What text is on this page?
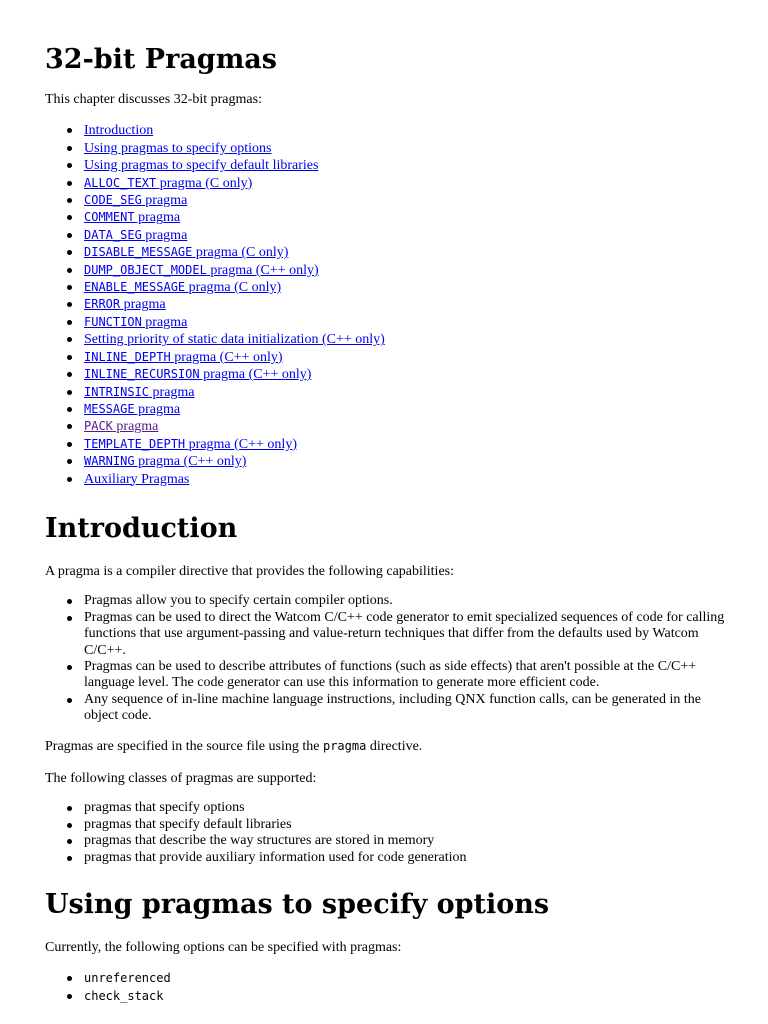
32-bit Pragmas

This chapter discusses 32-bit pragmas:

Introduction
Using pragmas to specify options
Using pragmas to specify default libraries
ALLOC_TEXT pragma (C only)
CODE_SEG pragma
COMMENT pragma
DATA_SEG pragma
DISABLE_MESSAGE pragma (C only)
DUMP_OBJECT_MODEL pragma (C++ only)
ENABLE_MESSAGE pragma (C only)
ERROR pragma
FUNCTION pragma
Setting priority of static data initialization (C++ only)
INLINE_DEPTH pragma (C++ only)
INLINE_RECURSION pragma (C++ only)
INTRINSIC pragma
MESSAGE pragma
PACK pragma
TEMPLATE_DEPTH pragma (C++ only)
WARNING pragma (C++ only)
Auxiliary Pragmas
Introduction

A pragma is a compiler directive that provides the following capabilities:

Pragmas allow you to specify certain compiler options.
Pragmas can be used to direct the Watcom C/C++ code generator to emit specialized sequences of code for calling functions that use argument-passing and value-return techniques that differ from the defaults used by Watcom C/C++.
Pragmas can be used to describe attributes of functions (such as side effects) that aren't possible at the C/C++ language level. The code generator can use this information to generate more efficient code.
Any sequence of in-line machine language instructions, including QNX function calls, can be generated in the object code.

Pragmas are specified in the source file using the pragma directive.

The following classes of pragmas are supported:

pragmas that specify options
pragmas that specify default libraries
pragmas that describe the way structures are stored in memory
pragmas that provide auxiliary information used for code generation
Using pragmas to specify options

Currently, the following options can be specified with pragmas:

unreferenced
check_stack
